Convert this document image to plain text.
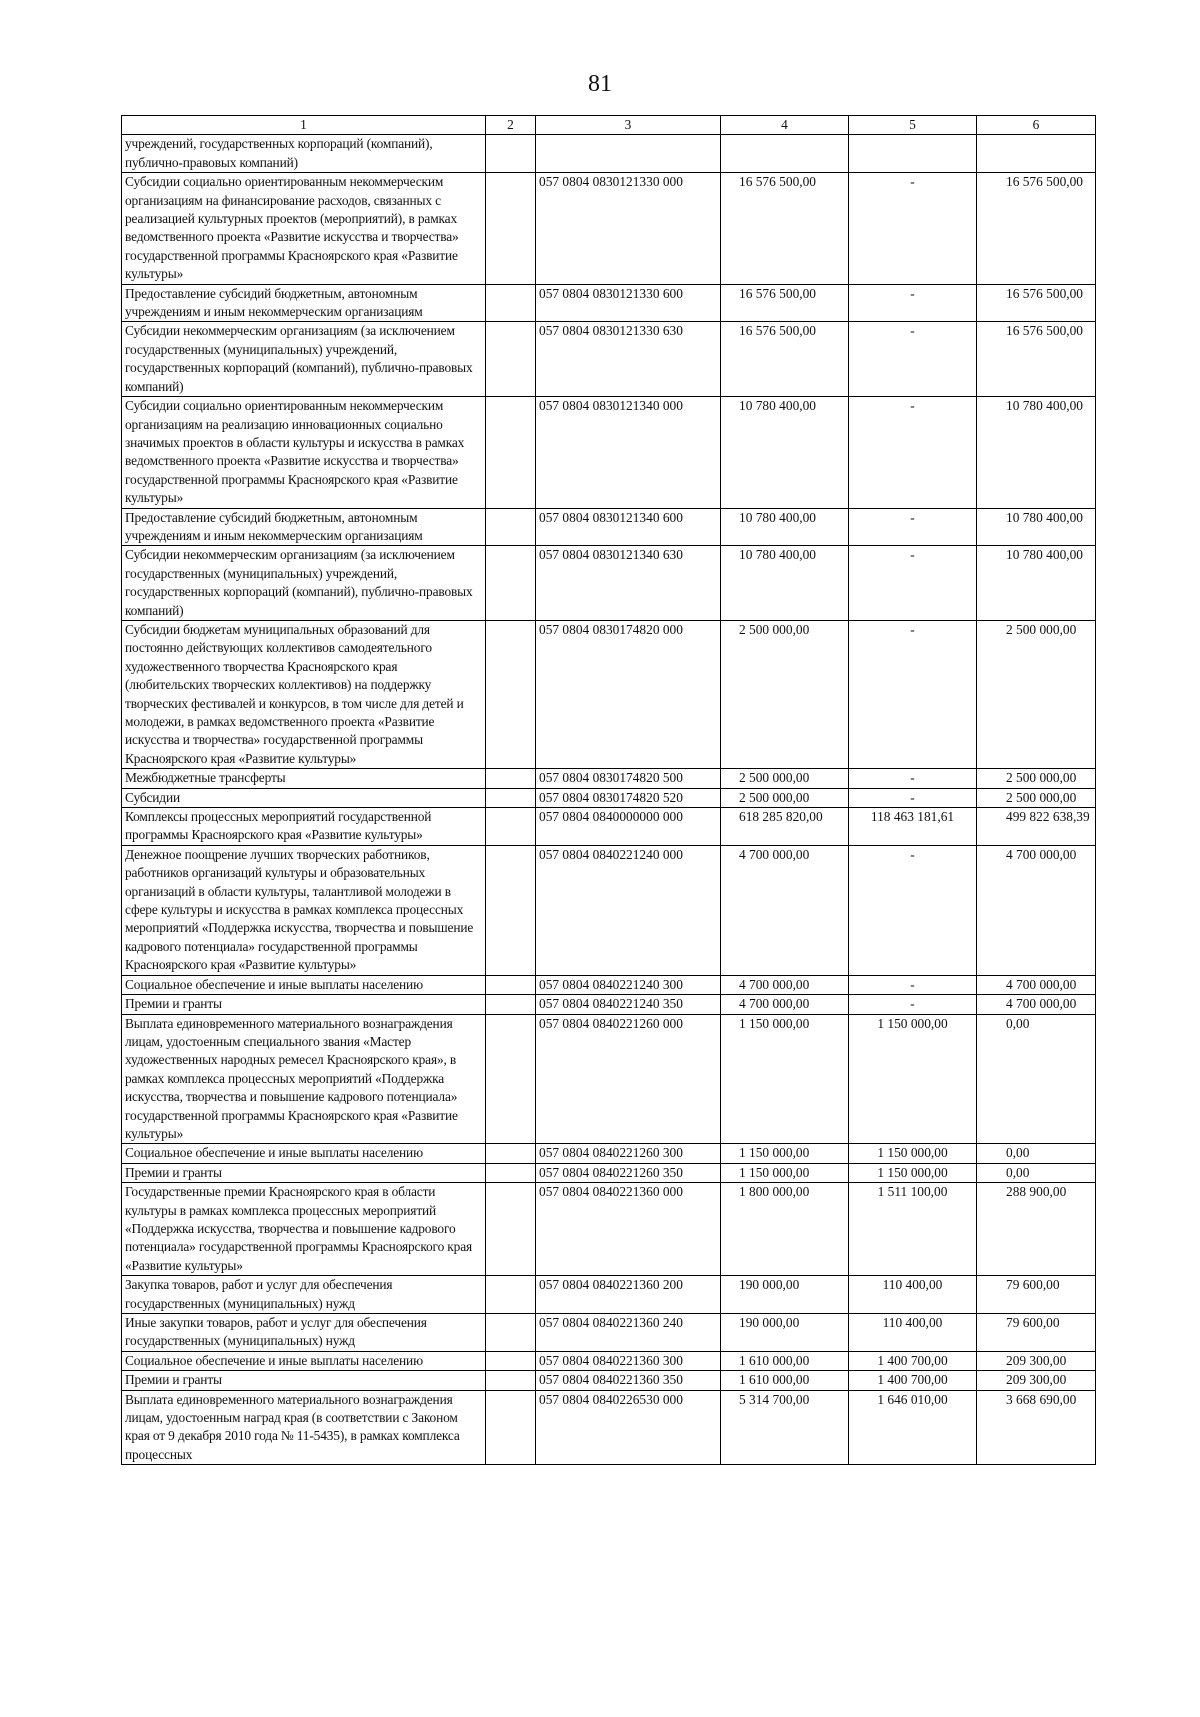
81
1	2	3	4	5	6
учреждений, государственных корпораций (компаний), публично-правовых компаний)					
Субсидии социально ориентированным некоммерческим организациям на финансирование расходов, связанных с реализацией культурных проектов (мероприятий), в рамках ведомственного проекта «Развитие искусства и творчества» государственной программы Красноярского края «Развитие культуры»		057 0804 0830121330 000	16 576 500,00	-	16 576 500,00
Предоставление субсидий бюджетным, автономным учреждениям и иным некоммерческим организациям		057 0804 0830121330 600	16 576 500,00	-	16 576 500,00
Субсидии некоммерческим организациям (за исключением государственных (муниципальных) учреждений, государственных корпораций (компаний), публично-правовых компаний)		057 0804 0830121330 630	16 576 500,00	-	16 576 500,00
Субсидии социально ориентированным некоммерческим организациям на реализацию инновационных социально значимых проектов в области культуры и искусства в рамках ведомственного проекта «Развитие искусства и творчества» государственной программы Красноярского края «Развитие культуры»		057 0804 0830121340 000	10 780 400,00	-	10 780 400,00
Предоставление субсидий бюджетным, автономным учреждениям и иным некоммерческим организациям		057 0804 0830121340 600	10 780 400,00	-	10 780 400,00
Субсидии некоммерческим организациям (за исключением государственных (муниципальных) учреждений, государственных корпораций (компаний), публично-правовых компаний)		057 0804 0830121340 630	10 780 400,00	-	10 780 400,00
Субсидии бюджетам муниципальных образований для постоянно действующих коллективов самодеятельного художественного творчества Красноярского края (любительских творческих коллективов) на поддержку творческих фестивалей и конкурсов, в том числе для детей и молодежи, в рамках ведомственного проекта «Развитие искусства и творчества» государственной программы Красноярского края «Развитие культуры»		057 0804 0830174820 000	2 500 000,00	-	2 500 000,00
Межбюджетные трансферты		057 0804 0830174820 500	2 500 000,00	-	2 500 000,00
Субсидии		057 0804 0830174820 520	2 500 000,00	-	2 500 000,00
Комплексы процессных мероприятий государственной программы Красноярского края «Развитие культуры»		057 0804 0840000000 000	618 285 820,00	118 463 181,61	499 822 638,39
Денежное поощрение лучших творческих работников, работников организаций культуры и образовательных организаций в области культуры, талантливой молодежи в сфере культуры и искусства в рамках комплекса процессных мероприятий «Поддержка искусства, творчества и повышение кадрового потенциала» государственной программы Красноярского края «Развитие культуры»		057 0804 0840221240 000	4 700 000,00	-	4 700 000,00
Социальное обеспечение и иные выплаты населению		057 0804 0840221240 300	4 700 000,00	-	4 700 000,00
Премии и гранты		057 0804 0840221240 350	4 700 000,00	-	4 700 000,00
Выплата единовременного материального вознаграждения лицам, удостоенным специального звания «Мастер художественных народных ремесел Красноярского края», в рамках комплекса процессных мероприятий «Поддержка искусства, творчества и повышение кадрового потенциала» государственной программы Красноярского края «Развитие культуры»		057 0804 0840221260 000	1 150 000,00	1 150 000,00	0,00
Социальное обеспечение и иные выплаты населению		057 0804 0840221260 300	1 150 000,00	1 150 000,00	0,00
Премии и гранты		057 0804 0840221260 350	1 150 000,00	1 150 000,00	0,00
Государственные премии Красноярского края в области культуры в рамках комплекса процессных мероприятий «Поддержка искусства, творчества и повышение кадрового потенциала» государственной программы Красноярского края «Развитие культуры»		057 0804 0840221360 000	1 800 000,00	1 511 100,00	288 900,00
Закупка товаров, работ и услуг для обеспечения государственных (муниципальных) нужд		057 0804 0840221360 200	190 000,00	110 400,00	79 600,00
Иные закупки товаров, работ и услуг для обеспечения государственных (муниципальных) нужд		057 0804 0840221360 240	190 000,00	110 400,00	79 600,00
Социальное обеспечение и иные выплаты населению		057 0804 0840221360 300	1 610 000,00	1 400 700,00	209 300,00
Премии и гранты		057 0804 0840221360 350	1 610 000,00	1 400 700,00	209 300,00
Выплата единовременного материального вознаграждения лицам, удостоенным наград края (в соответствии с Законом края от 9 декабря 2010 года № 11-5435), в рамках комплекса процессных		057 0804 0840226530 000	5 314 700,00	1 646 010,00	3 668 690,00
